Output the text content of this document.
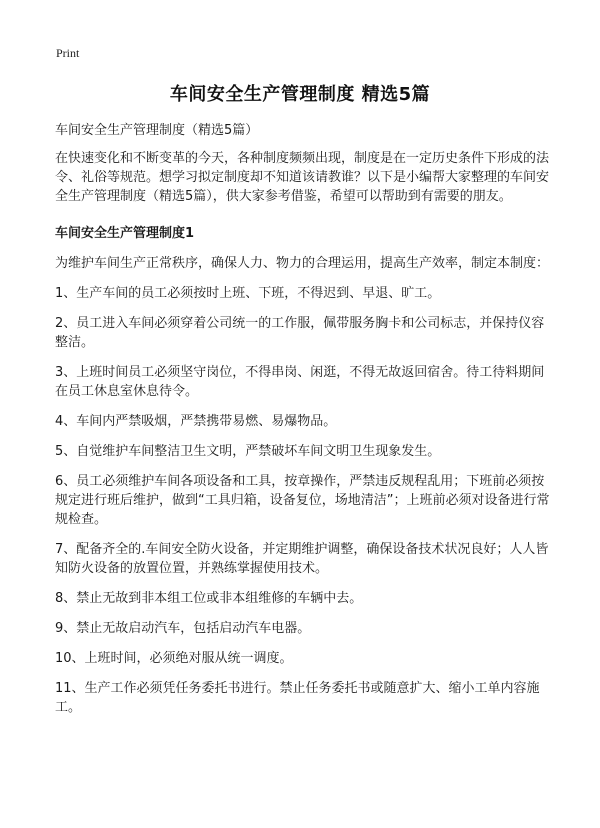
Print
车间安全生产管理制度 精选5篇

车间安全生产管理制度（精选5篇）

在快速变化和不断变革的今天，各种制度频频出现，制度是在一定历史条件下形成的法令、礼俗等规范。想学习拟定制度却不知道该请教谁？以下是小编帮大家整理的车间安全生产管理制度（精选5篇），供大家参考借鉴，希望可以帮助到有需要的朋友。

车间安全生产管理制度1

为维护车间生产正常秩序，确保人力、物力的合理运用，提高生产效率，制定本制度：

1、生产车间的员工必须按时上班、下班，不得迟到、早退、旷工。

2、员工进入车间必须穿着公司统一的工作服，佩带服务胸卡和公司标志，并保持仪容整洁。

3、上班时间员工必须坚守岗位，不得串岗、闲逛，不得无故返回宿舍。待工待料期间在员工休息室休息待令。

4、车间内严禁吸烟，严禁携带易燃、易爆物品。

5、自觉维护车间整洁卫生文明，严禁破坏车间文明卫生现象发生。

6、员工必须维护车间各项设备和工具，按章操作，严禁违反规程乱用；下班前必须按规定进行班后维护，做到“工具归箱，设备复位，场地清洁”；上班前必须对设备进行常规检查。

7、配备齐全的.车间安全防火设备，并定期维护调整，确保设备技术状况良好；人人皆知防火设备的放置位置，并熟练掌握使用技术。

8、禁止无故到非本组工位或非本组维修的车辆中去。

9、禁止无故启动汽车，包括启动汽车电器。

10、上班时间，必须绝对服从统一调度。

11、生产工作必须凭任务委托书进行。禁止任务委托书或随意扩大、缩小工单内容施工。
